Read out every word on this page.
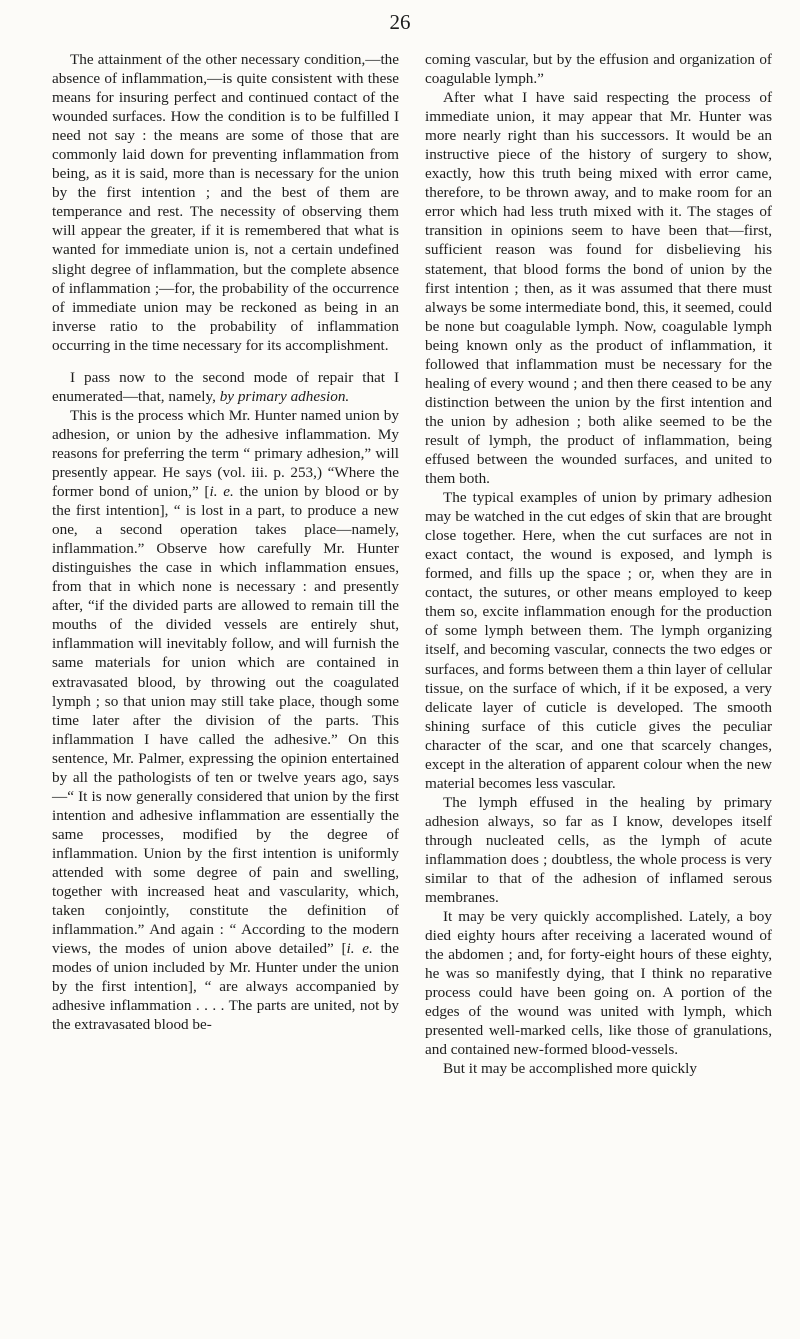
26

The attainment of the other necessary condition,—the absence of inflammation,—is quite consistent with these means for insuring perfect and continued contact of the wounded surfaces. How the condition is to be fulfilled I need not say : the means are some of those that are commonly laid down for preventing inflammation from being, as it is said, more than is necessary for the union by the first intention ; and the best of them are temperance and rest. The necessity of observing them will appear the greater, if it is remembered that what is wanted for immediate union is, not a certain undefined slight degree of inflammation, but the complete absence of inflammation ;—for, the probability of the occurrence of immediate union may be reckoned as being in an inverse ratio to the probability of inflammation occurring in the time necessary for its accomplishment.

I pass now to the second mode of repair that I enumerated—that, namely, by primary adhesion.

This is the process which Mr. Hunter named union by adhesion, or union by the adhesive inflammation. My reasons for preferring the term “ primary adhesion,” will presently appear. He says (vol. iii. p. 253,) “Where the former bond of union,” [i. e. the union by blood or by the first intention], “ is lost in a part, to produce a new one, a second operation takes place—namely, inflammation.” Observe how carefully Mr. Hunter distinguishes the case in which inflammation ensues, from that in which none is necessary : and presently after, “if the divided parts are allowed to remain till the mouths of the divided vessels are entirely shut, inflammation will inevitably follow, and will furnish the same materials for union which are contained in extravasated blood, by throwing out the coagulated lymph ; so that union may still take place, though some time later after the division of the parts. This inflammation I have called the adhesive.” On this sentence, Mr. Palmer, expressing the opinion entertained by all the pathologists of ten or twelve years ago, says—“ It is now generally considered that union by the first intention and adhesive inflammation are essentially the same processes, modified by the degree of inflammation. Union by the first intention is uniformly attended with some degree of pain and swelling, together with increased heat and vascularity, which, taken conjointly, constitute the definition of inflammation.” And again : “ According to the modern views, the modes of union above detailed” [i. e. the modes of union included by Mr. Hunter under the union by the first intention], “ are always accompanied by adhesive inflammation . . . . The parts are united, not by the extravasated blood be-

coming vascular, but by the effusion and organization of coagulable lymph.”

After what I have said respecting the process of immediate union, it may appear that Mr. Hunter was more nearly right than his successors. It would be an instructive piece of the history of surgery to show, exactly, how this truth being mixed with error came, therefore, to be thrown away, and to make room for an error which had less truth mixed with it. The stages of transition in opinions seem to have been that—first, sufficient reason was found for disbelieving his statement, that blood forms the bond of union by the first intention ; then, as it was assumed that there must always be some intermediate bond, this, it seemed, could be none but coagulable lymph. Now, coagulable lymph being known only as the product of inflammation, it followed that inflammation must be necessary for the healing of every wound ; and then there ceased to be any distinction between the union by the first intention and the union by adhesion ; both alike seemed to be the result of lymph, the product of inflammation, being effused between the wounded surfaces, and united to them both.

The typical examples of union by primary adhesion may be watched in the cut edges of skin that are brought close together. Here, when the cut surfaces are not in exact contact, the wound is exposed, and lymph is formed, and fills up the space ; or, when they are in contact, the sutures, or other means employed to keep them so, excite inflammation enough for the production of some lymph between them. The lymph organizing itself, and becoming vascular, connects the two edges or surfaces, and forms between them a thin layer of cellular tissue, on the surface of which, if it be exposed, a very delicate layer of cuticle is developed. The smooth shining surface of this cuticle gives the peculiar character of the scar, and one that scarcely changes, except in the alteration of apparent colour when the new material becomes less vascular.

The lymph effused in the healing by primary adhesion always, so far as I know, developes itself through nucleated cells, as the lymph of acute inflammation does ; doubtless, the whole process is very similar to that of the adhesion of inflamed serous membranes.

It may be very quickly accomplished. Lately, a boy died eighty hours after receiving a lacerated wound of the abdomen ; and, for forty-eight hours of these eighty, he was so manifestly dying, that I think no reparative process could have been going on. A portion of the edges of the wound was united with lymph, which presented well-marked cells, like those of granulations, and contained new-formed blood-vessels.

But it may be accomplished more quickly
